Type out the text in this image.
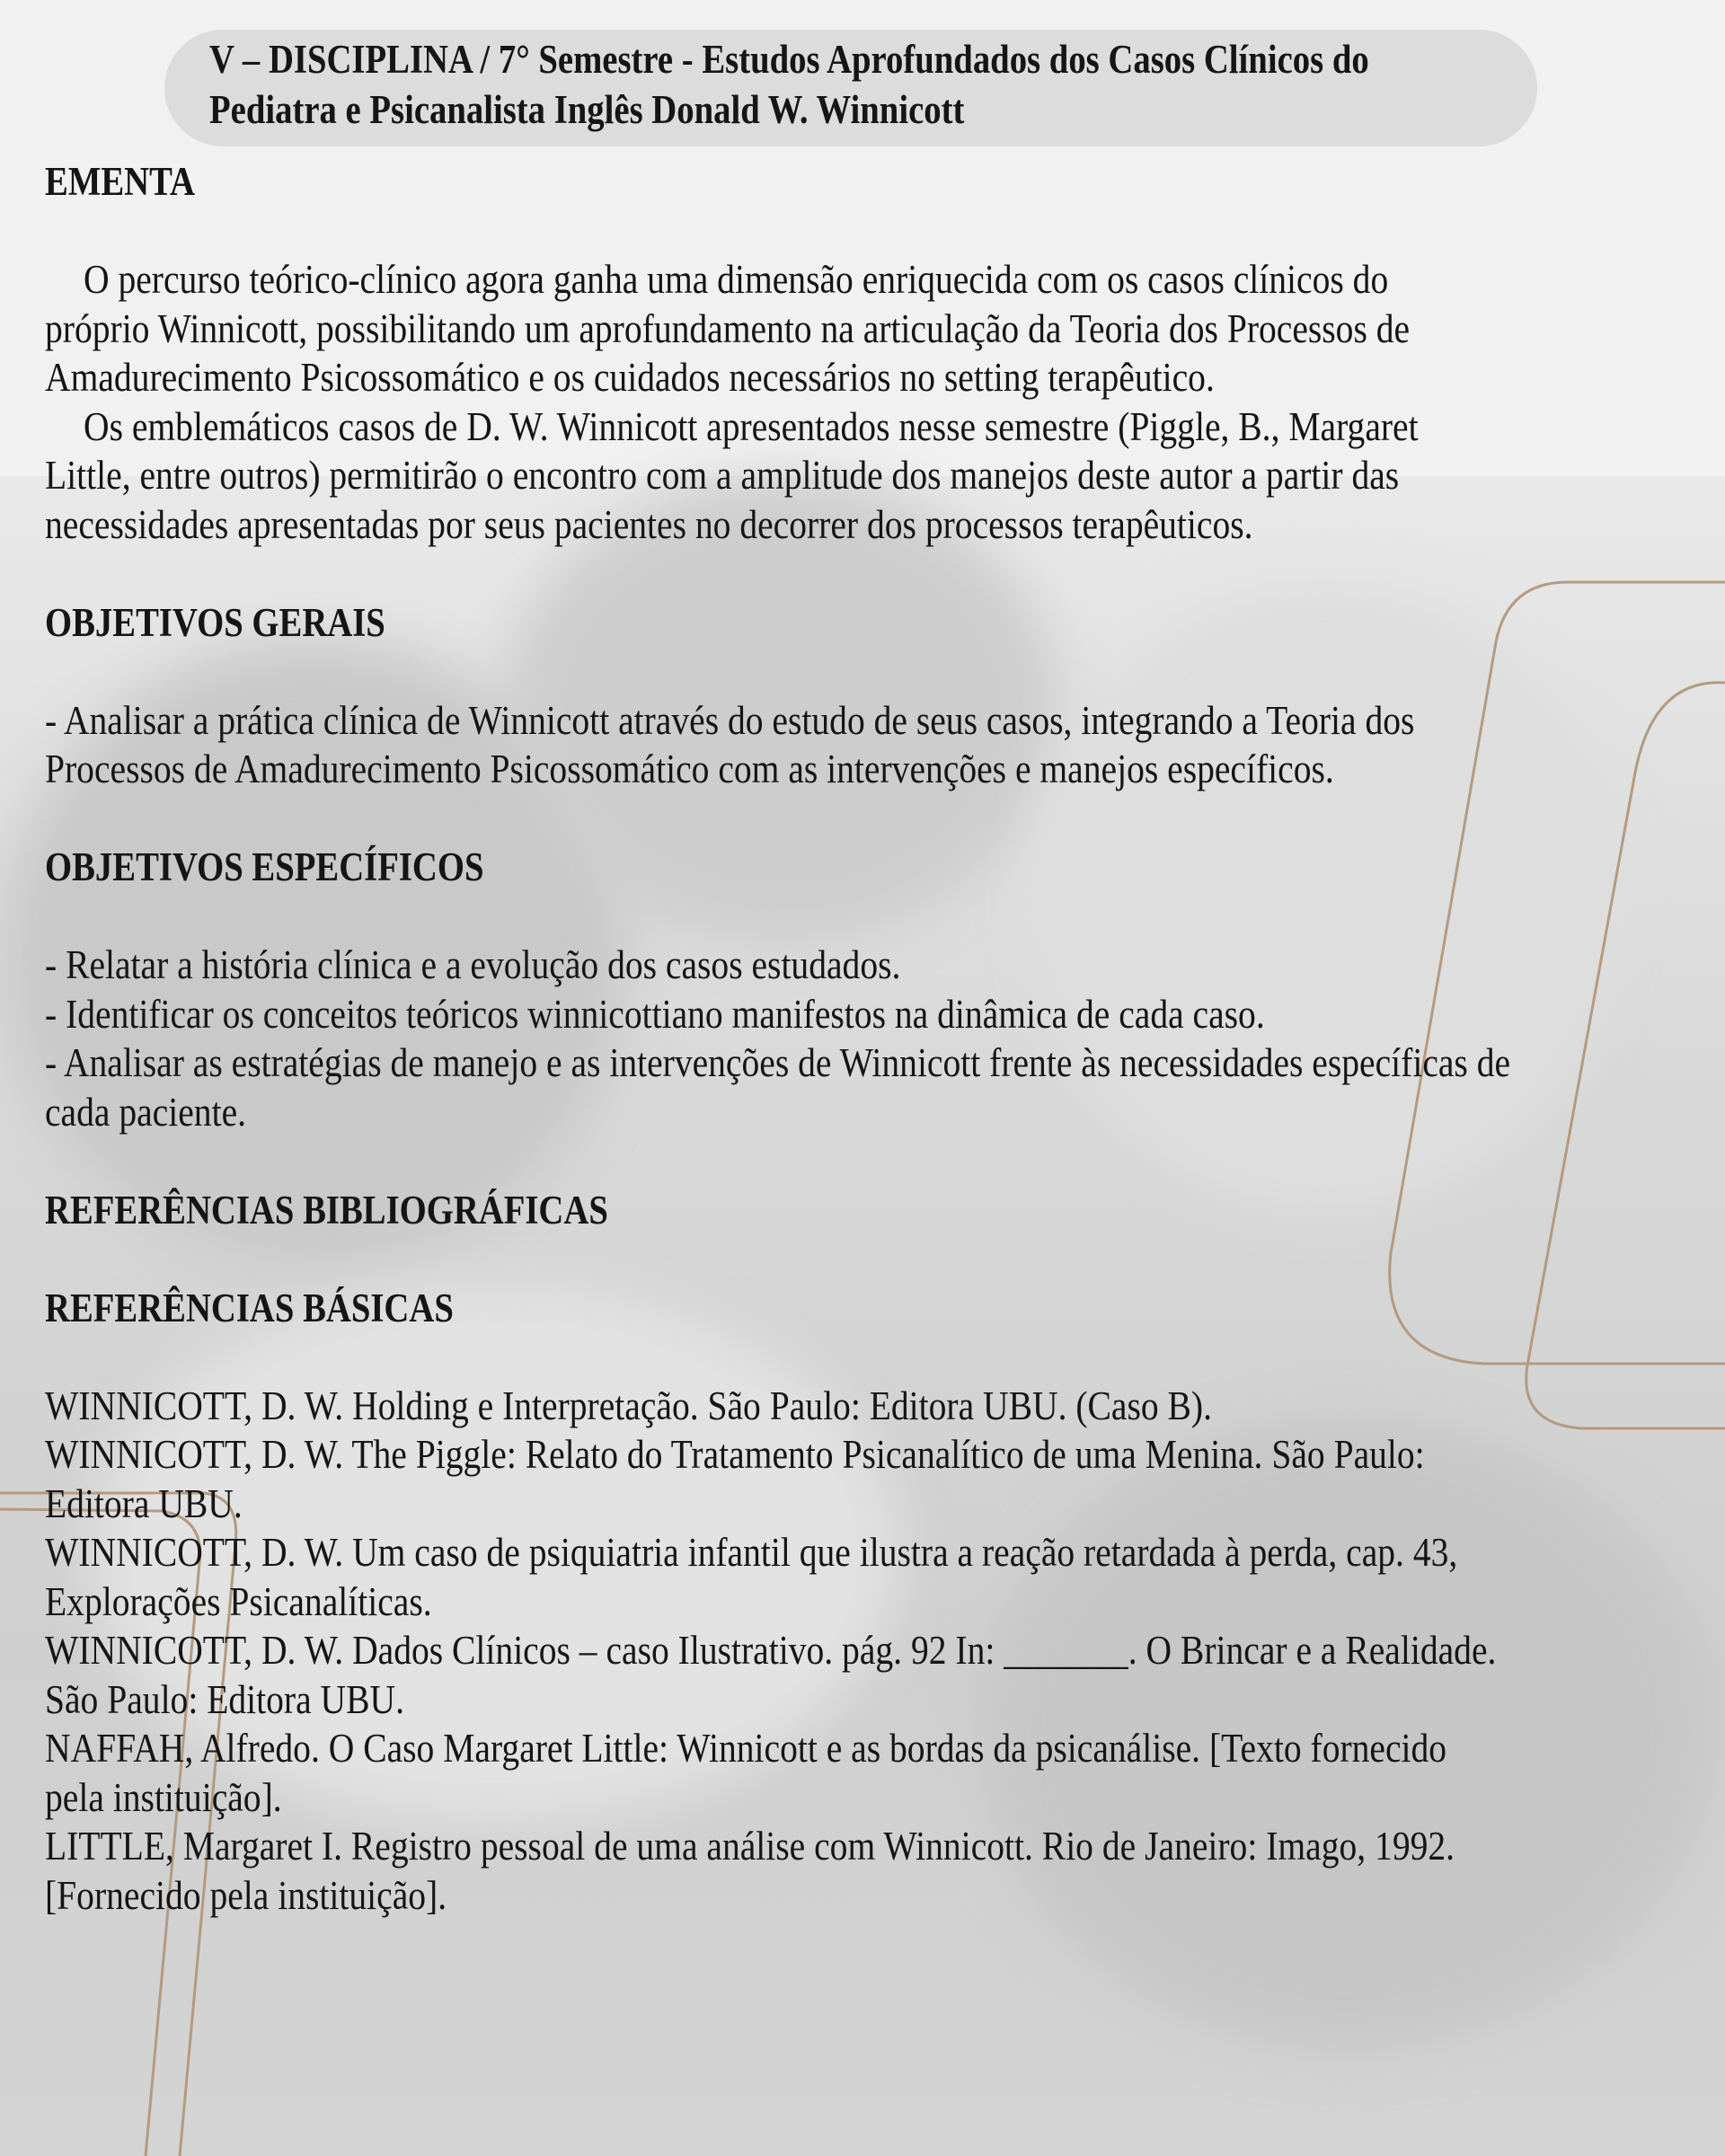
V – DISCIPLINA / 7° Semestre - Estudos Aprofundados dos Casos Clínicos do
Pediatra e Psicanalista Inglês Donald W. Winnicott

EMENTA

O percurso teórico-clínico agora ganha uma dimensão enriquecida com os casos clínicos do

próprio Winnicott, possibilitando um aprofundamento na articulação da Teoria dos Processos de

Amadurecimento Psicossomático e os cuidados necessários no setting terapêutico.

Os emblemáticos casos de D. W. Winnicott apresentados nesse semestre (Piggle, B., Margaret

Little, entre outros) permitirão o encontro com a amplitude dos manejos deste autor a partir das

necessidades apresentadas por seus pacientes no decorrer dos processos terapêuticos.

OBJETIVOS GERAIS

- Analisar a prática clínica de Winnicott através do estudo de seus casos, integrando a Teoria dos

Processos de Amadurecimento Psicossomático com as intervenções e manejos específicos.

OBJETIVOS ESPECÍFICOS

- Relatar a história clínica e a evolução dos casos estudados.

- Identificar os conceitos teóricos winnicottiano manifestos na dinâmica de cada caso.

- Analisar as estratégias de manejo e as intervenções de Winnicott frente às necessidades específicas de

cada paciente.

REFERÊNCIAS BIBLIOGRÁFICAS

REFERÊNCIAS BÁSICAS

WINNICOTT, D. W. Holding e Interpretação. São Paulo: Editora UBU. (Caso B).

WINNICOTT, D. W. The Piggle: Relato do Tratamento Psicanalítico de uma Menina. São Paulo:

Editora UBU.

WINNICOTT, D. W. Um caso de psiquiatria infantil que ilustra a reação retardada à perda, cap. 43,

Explorações Psicanalíticas.

WINNICOTT, D. W. Dados Clínicos – caso Ilustrativo. pág. 92 In: _______. O Brincar e a Realidade.

São Paulo: Editora UBU.

NAFFAH, Alfredo. O Caso Margaret Little: Winnicott e as bordas da psicanálise. [Texto fornecido

pela instituição].

LITTLE, Margaret I. Registro pessoal de uma análise com Winnicott. Rio de Janeiro: Imago, 1992.

[Fornecido pela instituição].
